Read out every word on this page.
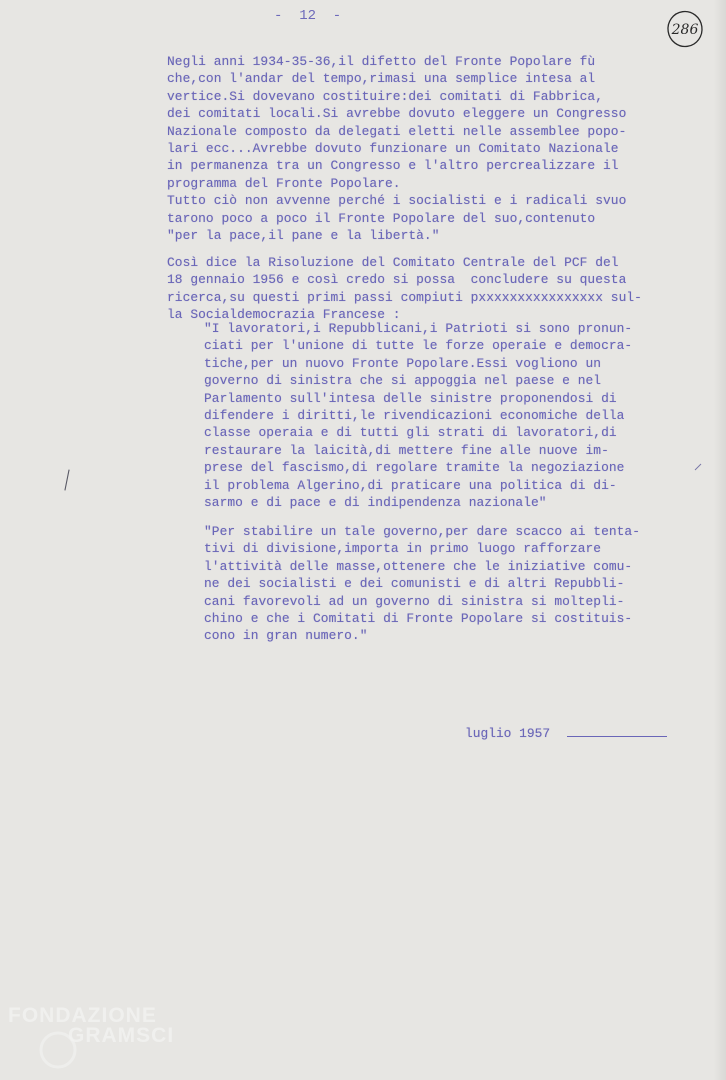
-  12  -
286
Negli anni 1934-35-36,il difetto del Fronte Popolare fù
che,con l'andar del tempo,rimasi una semplice intesa al
vertice.Si dovevano costituire:dei comitati di Fabbrica,
dei comitati locali.Si avrebbe dovuto eleggere un Congresso
Nazionale composto da delegati eletti nelle assemblee popo-
lari ecc...Avrebbe dovuto funzionare un Comitato Nazionale
in permanenza tra un Congresso e l'altro percrealizzare il
programma del Fronte Popolare.
Tutto ciò non avvenne perché i socialisti e i radicali svuo
tarono poco a poco il Fronte Popolare del suo,contenuto
"per la pace,il pane e la libertà."
Così dice la Risoluzione del Comitato Centrale del PCF del
18 gennaio 1956 e così credo si possa  concludere su questa
ricerca,su questi primi passi compiuti pxxxxxxxxxxxxxxxx sul-
la Socialdemocrazia Francese :
"I lavoratori,i Repubblicani,i Patrioti si sono pronun-
ciati per l'unione di tutte le forze operaie e democra-
tiche,per un nuovo Fronte Popolare.Essi vogliono un
governo di sinistra che si appoggia nel paese e nel
Parlamento sull'intesa delle sinistre proponendosi di
difendere i diritti,le rivendicazioni economiche della
classe operaia e di tutti gli strati di lavoratori,di
restaurare la laicità,di mettere fine alle nuove im-
prese del fascismo,di regolare tramite la negoziazione
il problema Algerino,di praticare una politica di di-
sarmo e di pace e di indipendenza nazionale"
"Per stabilire un tale governo,per dare scacco ai tenta-
tivi di divisione,importa in primo luogo rafforzare
l'attività delle masse,ottenere che le iniziative comu-
ne dei socialisti e dei comunisti e di altri Repubbli-
cani favorevoli ad un governo di sinistra si moltepli-
chino e che i Comitati di Fronte Popolare si costituis-
cono in gran numero."
luglio 1957
FONDAZIONE
GRAMSCI
